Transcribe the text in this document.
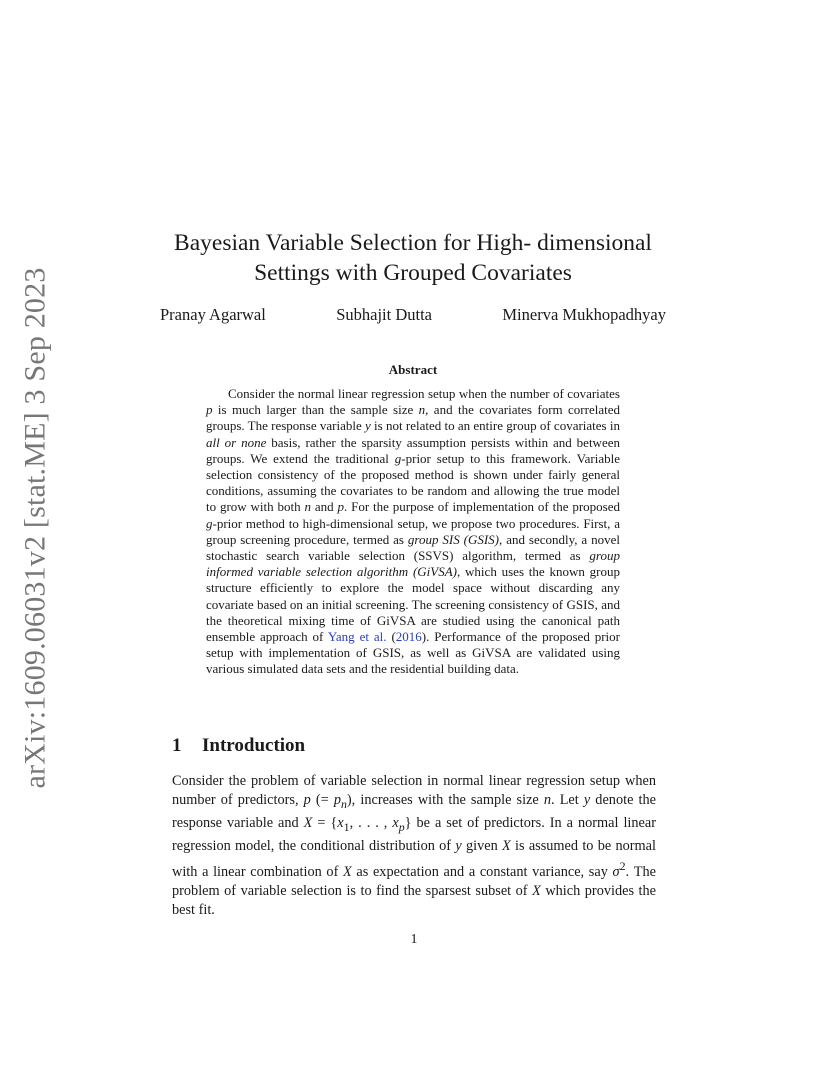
arXiv:1609.06031v2 [stat.ME] 3 Sep 2023
Bayesian Variable Selection for High- dimensional
Settings with Grouped Covariates
Pranay Agarwal	Subhajit Dutta	Minerva Mukhopadhyay
Abstract
Consider the normal linear regression setup when the number of covariates p is much larger than the sample size n, and the covariates form correlated groups. The response variable y is not related to an entire group of covariates in all or none basis, rather the sparsity assumption persists within and between groups. We extend the traditional g-prior setup to this framework. Variable selection consistency of the proposed method is shown under fairly general conditions, assuming the covariates to be random and allowing the true model to grow with both n and p. For the purpose of implementation of the proposed g-prior method to high-dimensional setup, we propose two procedures. First, a group screening procedure, termed as group SIS (GSIS), and secondly, a novel stochastic search variable selection (SSVS) algorithm, termed as group informed variable selection algorithm (GiVSA), which uses the known group structure efficiently to explore the model space without discarding any covariate based on an initial screening. The screening consistency of GSIS, and the theoretical mixing time of GiVSA are studied using the canonical path ensemble approach of Yang et al. (2016). Performance of the proposed prior setup with implementation of GSIS, as well as GiVSA are validated using various simulated data sets and the residential building data.
1 Introduction
Consider the problem of variable selection in normal linear regression setup when number of predictors, p (= $p_n$), increases with the sample size n. Let y denote the response variable and $X = \{x_1$, . . . , $x_p$} be a set of predictors. In a normal linear regression model, the conditional distribution of y given X is assumed to be normal with a linear combination of X as expectation and a constant variance, say $\sigma^2$. The problem of variable selection is to find the sparsest subset of X which provides the best fit.
1
